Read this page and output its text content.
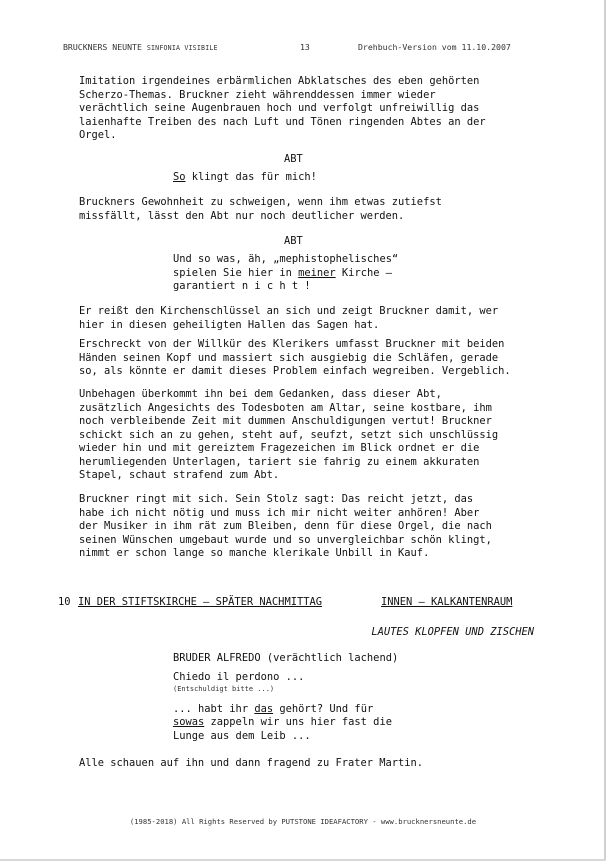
BRUCKNERS NEUNTE SINFONIA VISIBILE	13	Drehbuch-Version vom 11.10.2007

Imitation irgendeines erbärmlichen Abklatsches des eben gehörten

Scherzo-Themas. Bruckner zieht währenddessen immer wieder

verächtlich seine Augenbrauen hoch und verfolgt unfreiwillig das

laienhafte Treiben des nach Luft und Tönen ringenden Abtes an der

Orgel.

ABT

So klingt das für mich!

Bruckners Gewohnheit zu schweigen, wenn ihm etwas zutiefst

missfällt, lässt den Abt nur noch deutlicher werden.

ABT

Und so was, äh, „mephistophelisches“

spielen Sie hier in meiner Kirche –

garantiert n i c h t !

Er reißt den Kirchenschlüssel an sich und zeigt Bruckner damit, wer

hier in diesen geheiligten Hallen das Sagen hat.

Erschreckt von der Willkür des Klerikers umfasst Bruckner mit beiden

Händen seinen Kopf und massiert sich ausgiebig die Schläfen, gerade

so, als könnte er damit dieses Problem einfach wegreiben. Vergeblich.

Unbehagen überkommt ihn bei dem Gedanken, dass dieser Abt,

zusätzlich Angesichts des Todesboten am Altar, seine kostbare, ihm

noch verbleibende Zeit mit dummen Anschuldigungen vertut! Bruckner

schickt sich an zu gehen, steht auf, seufzt, setzt sich unschlüssig

wieder hin und mit gereiztem Fragezeichen im Blick ordnet er die

herumliegenden Unterlagen, tariert sie fahrig zu einem akkuraten

Stapel, schaut strafend zum Abt.

Bruckner ringt mit sich. Sein Stolz sagt: Das reicht jetzt, das

habe ich nicht nötig und muss ich mir nicht weiter anhören! Aber

der Musiker in ihm rät zum Bleiben, denn für diese Orgel, die nach

seinen Wünschen umgebaut wurde und so unvergleichbar schön klingt,

nimmt er schon lange so manche klerikale Unbill in Kauf.

10 IN DER STIFTSKIRCHE – SPÄTER NACHMITTAG	INNEN – KALKANTENRAUM
LAUTES KLOPFEN UND ZISCHEN
BRUDER ALFREDO (verächtlich lachend)

Chiedo il perdono ...

(Entschuldigt bitte ...)

... habt ihr das gehört? Und für

sowas zappeln wir uns hier fast die

Lunge aus dem Leib ...

Alle schauen auf ihn und dann fragend zu Frater Martin.

(1985-2018) All Rights Reserved by PUTSTONE IDEAFACTORY - www.brucknersneunte.de
